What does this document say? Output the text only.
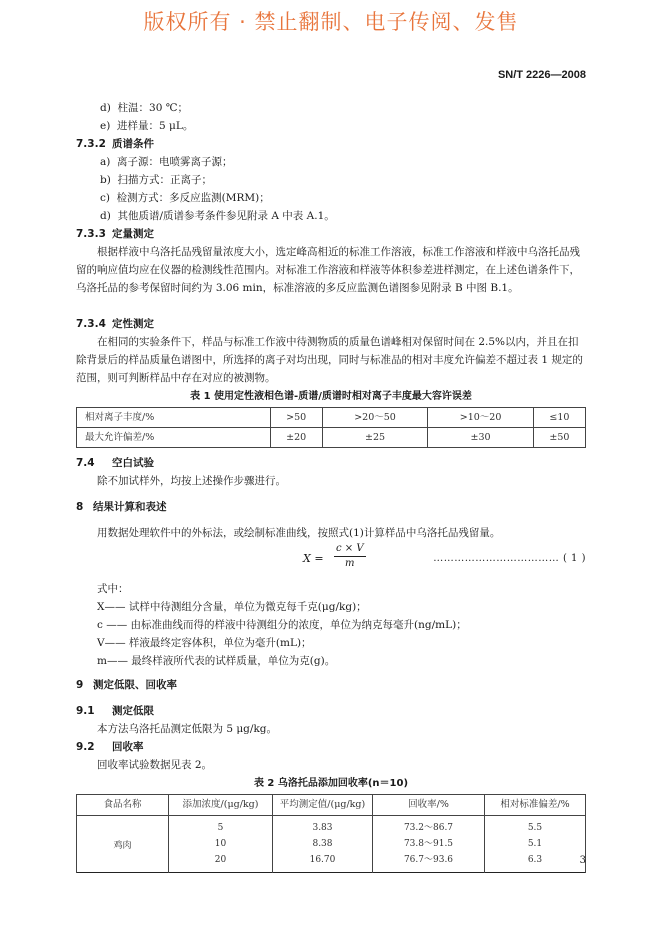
版权所有 · 禁止翻制、电子传阅、发售
SN/T 2226—2008
d) 柱温：30 ℃；
e) 进样量：5 μL。
7.3.2 质谱条件
a) 离子源：电喷雾离子源；
b) 扫描方式：正离子；
c) 检测方式：多反应监测(MRM)；
d) 其他质谱/质谱参考条件参见附录 A 中表 A.1。
7.3.3 定量测定
根据样液中乌洛托品残留量浓度大小，选定峰高相近的标准工作溶液，标准工作溶液和样液中乌洛托品残留的响应值均应在仪器的检测线性范围内。对标准工作溶液和样液等体积参差进样测定，在上述色谱条件下，乌洛托品的参考保留时间约为 3.06 min，标准溶液的多反应监测色谱图参见附录 B 中图 B.1。
7.3.4 定性测定
在相同的实验条件下，样品与标准工作液中待测物质的质量色谱峰相对保留时间在 2.5%以内，并且在扣除背景后的样品质量色谱图中，所选择的离子对均出现，同时与标准品的相对丰度允许偏差不超过表 1 规定的范围，则可判断样品中存在对应的被测物。
表 1 使用定性液相色谱-质谱/质谱时相对离子丰度最大容许误差
相对离子丰度/%	>50	>20～50	>10～20	≤10
最大允许偏差/%	±20	±25	±30	±50
7.4 空白试验
除不加试样外，均按上述操作步骤进行。
8 结果计算和表述
用数据处理软件中的外标法，或绘制标准曲线，按照式(1)计算样品中乌洛托品残留量。
$X = \frac{c \times V}{m}$	……………………………… ( 1 )
式中：
X—— 试样中待测组分含量，单位为微克每千克(μg/kg)；
c —— 由标准曲线而得的样液中待测组分的浓度，单位为纳克每毫升(ng/mL)；
V—— 样液最终定容体积，单位为毫升(mL)；
m—— 最终样液所代表的试样质量，单位为克(g)。
9 测定低限、回收率
9.1 测定低限
本方法乌洛托品测定低限为 5 μg/kg。
9.2 回收率
回收率试验数据见表 2。
表 2 乌洛托品添加回收率(n＝10)
食品名称	添加浓度/(μg/kg)	平均测定值/(μg/kg)	回收率/%	相对标准偏差/%
鸡肉	5	3.83	73.2～86.7	5.5
	10	8.38	73.8～91.5	5.1
	20	16.70	76.7～93.6	6.3	3
